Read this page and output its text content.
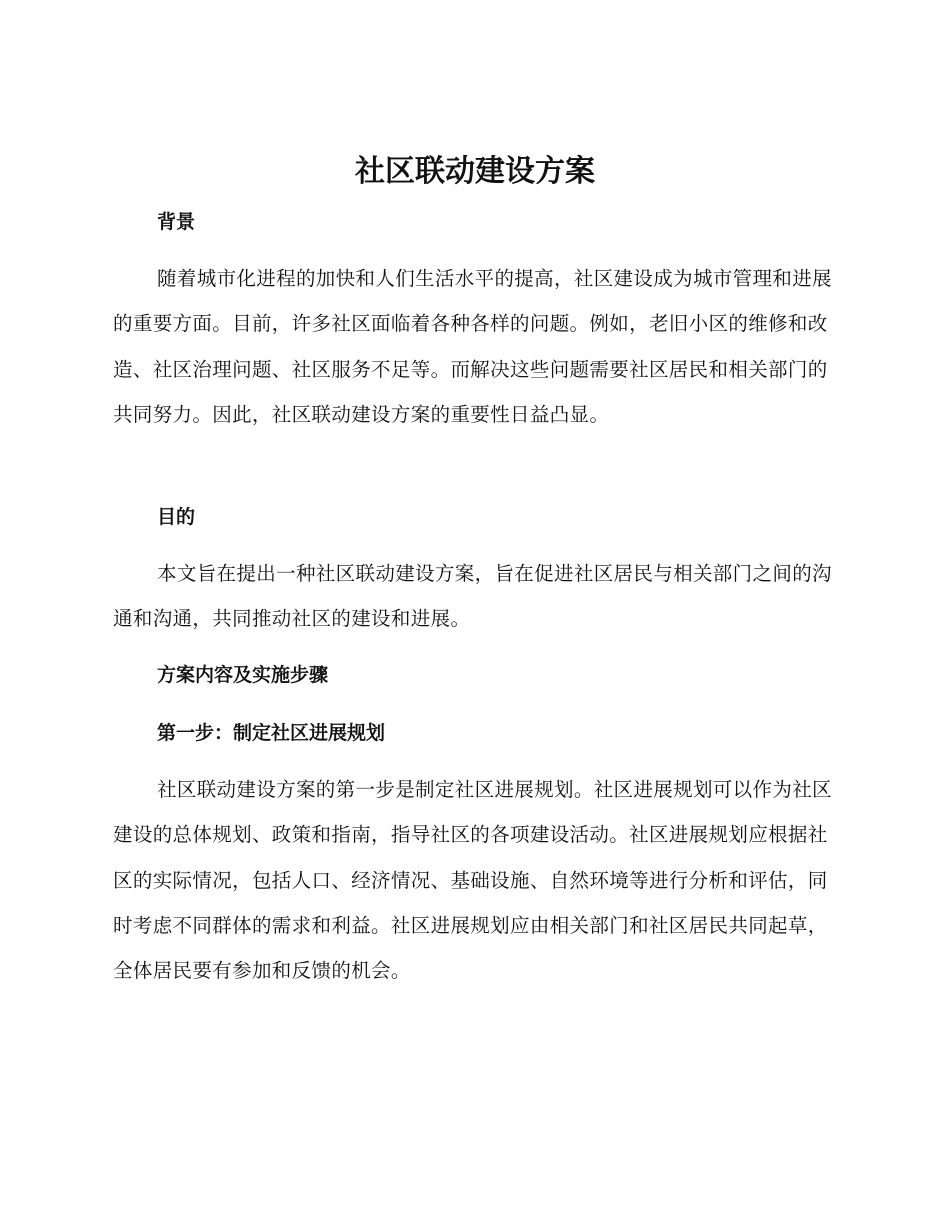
社区联动建设方案
背景

随着城市化进程的加快和人们生活水平的提高，社区建设成为城市管理和进展的重要方面。目前，许多社区面临着各种各样的问题。例如，老旧小区的维修和改造、社区治理问题、社区服务不足等。而解决这些问题需要社区居民和相关部门的共同努力。因此，社区联动建设方案的重要性日益凸显。

目的

本文旨在提出一种社区联动建设方案，旨在促进社区居民与相关部门之间的沟通和沟通，共同推动社区的建设和进展。

方案内容及实施步骤
第一步：制定社区进展规划

社区联动建设方案的第一步是制定社区进展规划。社区进展规划可以作为社区建设的总体规划、政策和指南，指导社区的各项建设活动。社区进展规划应根据社区的实际情况，包括人口、经济情况、基础设施、自然环境等进行分析和评估，同时考虑不同群体的需求和利益。社区进展规划应由相关部门和社区居民共同起草，全体居民要有参加和反馈的机会。
